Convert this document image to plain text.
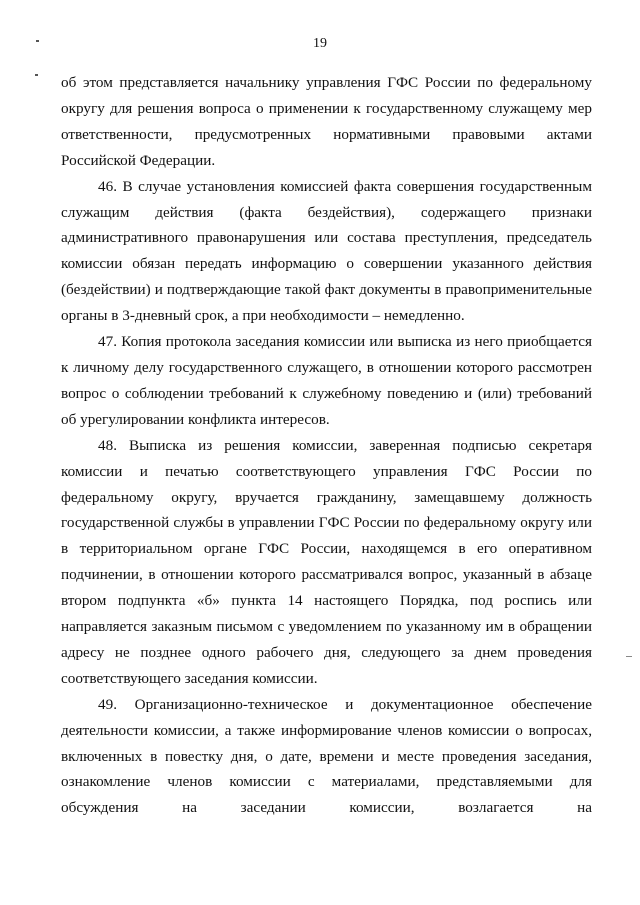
19

об этом представляется начальнику управления ГФС России по федеральному округу для решения вопроса о применении к государственному служащему мер ответственности, предусмотренных нормативными правовыми актами Российской Федерации.

46. В случае установления комиссией факта совершения государственным служащим действия (факта бездействия), содержащего признаки административного правонарушения или состава преступления, председатель комиссии обязан передать информацию о совершении указанного действия (бездействии) и подтверждающие такой факт документы в правоприменительные органы в 3-дневный срок, а при необходимости – немедленно.

47. Копия протокола заседания комиссии или выписка из него приобщается к личному делу государственного служащего, в отношении которого рассмотрен вопрос о соблюдении требований к служебному поведению и (или) требований об урегулировании конфликта интересов.

48. Выписка из решения комиссии, заверенная подписью секретаря комиссии и печатью соответствующего управления ГФС России по федеральному округу, вручается гражданину, замещавшему должность государственной службы в управлении ГФС России по федеральному округу или в территориальном органе ГФС России, находящемся в его оперативном подчинении, в отношении которого рассматривался вопрос, указанный в абзаце втором подпункта «б» пункта 14 настоящего Порядка, под роспись или направляется заказным письмом с уведомлением по указанному им в обращении адресу не позднее одного рабочего дня, следующего за днем проведения соответствующего заседания комиссии.

49. Организационно-техническое и документационное обеспечение деятельности комиссии, а также информирование членов комиссии о вопросах, включенных в повестку дня, о дате, времени и месте проведения заседания, ознакомление членов комиссии с материалами, представляемыми для обсуждения на заседании комиссии, возлагается на
